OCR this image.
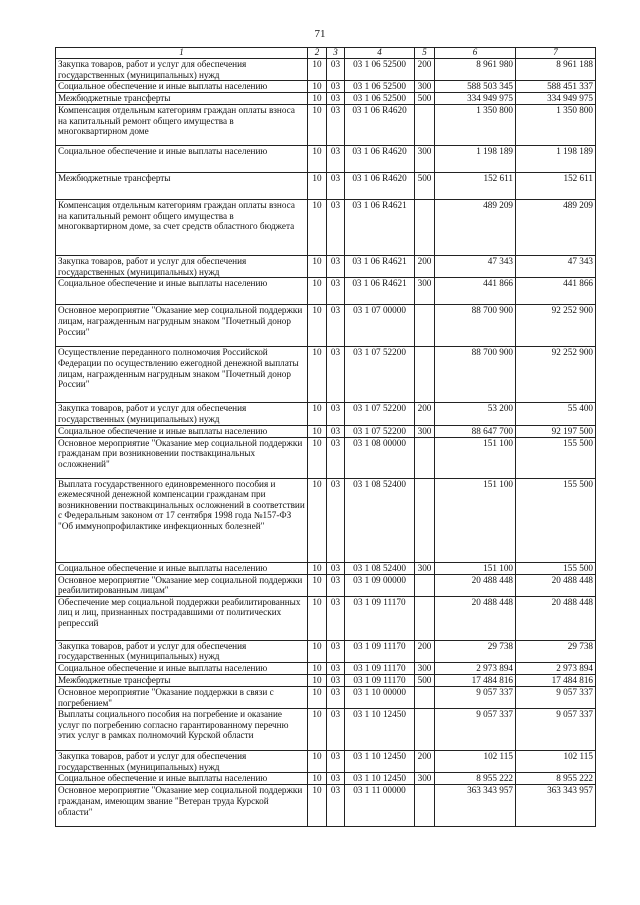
71
1	2	3	4	5	6	7
Закупка товаров, работ и услуг для обеспечения государственных (муниципальных) нужд	10	03	03 1 06 52500	200	8 961 980	8 961 188
Социальное обеспечение и иные выплаты населению	10	03	03 1 06 52500	300	588 503 345	588 451 337
Межбюджетные трансферты	10	03	03 1 06 52500	500	334 949 975	334 949 975
Компенсация отдельным категориям граждан оплаты взноса на капитальный ремонт общего имущества в многоквартирном доме	10	03	03 1 06 R4620		1 350 800	1 350 800
Социальное обеспечение и иные выплаты населению	10	03	03 1 06 R4620	300	1 198 189	1 198 189
Межбюджетные трансферты	10	03	03 1 06 R4620	500	152 611	152 611
Компенсация отдельным категориям граждан оплаты взноса на капитальный ремонт общего имущества в многоквартирном доме, за счет средств областного бюджета	10	03	03 1 06 R4621		489 209	489 209
Закупка товаров, работ и услуг для обеспечения государственных (муниципальных) нужд	10	03	03 1 06 R4621	200	47 343	47 343
Социальное обеспечение и иные выплаты населению	10	03	03 1 06 R4621	300	441 866	441 866
Основное мероприятие "Оказание мер социальной поддержки лицам, награжденным нагрудным знаком "Почетный донор России"	10	03	03 1 07 00000		88 700 900	92 252 900
Осуществление переданного полномочия Российской Федерации по осуществлению ежегодной денежной выплаты лицам, награжденным нагрудным знаком "Почетный донор России"	10	03	03 1 07 52200		88 700 900	92 252 900
Закупка товаров, работ и услуг для обеспечения государственных (муниципальных) нужд	10	03	03 1 07 52200	200	53 200	55 400
Социальное обеспечение и иные выплаты населению	10	03	03 1 07 52200	300	88 647 700	92 197 500
Основное мероприятие "Оказание мер социальной поддержки гражданам при возникновении поствакцинальных осложнений"	10	03	03 1 08 00000		151 100	155 500
Выплата государственного единовременного пособия и ежемесячной денежной компенсации гражданам при возникновении поствакцинальных осложнений в соответствии с Федеральным законом от 17 сентября 1998 года №157-ФЗ "Об иммунопрофилактике инфекционных болезней"	10	03	03 1 08 52400		151 100	155 500
Социальное обеспечение и иные выплаты населению	10	03	03 1 08 52400	300	151 100	155 500
Основное мероприятие "Оказание мер социальной поддержки реабилитированным лицам"	10	03	03 1 09 00000		20 488 448	20 488 448
Обеспечение мер социальной поддержки реабилитированных лиц и лиц, признанных пострадавшими от политических репрессий	10	03	03 1 09 11170		20 488 448	20 488 448
Закупка товаров, работ и услуг для обеспечения государственных (муниципальных) нужд	10	03	03 1 09 11170	200	29 738	29 738
Социальное обеспечение и иные выплаты населению	10	03	03 1 09 11170	300	2 973 894	2 973 894
Межбюджетные трансферты	10	03	03 1 09 11170	500	17 484 816	17 484 816
Основное мероприятие "Оказание поддержки в связи с погребением"	10	03	03 1 10 00000		9 057 337	9 057 337
Выплаты социального пособия на погребение и оказание услуг по погребению согласно гарантированному перечню этих услуг в рамках полномочий Курской области	10	03	03 1 10 12450		9 057 337	9 057 337
Закупка товаров, работ и услуг для обеспечения государственных (муниципальных) нужд	10	03	03 1 10 12450	200	102 115	102 115
Социальное обеспечение и иные выплаты населению	10	03	03 1 10 12450	300	8 955 222	8 955 222
Основное мероприятие "Оказание мер социальной поддержки гражданам, имеющим звание "Ветеран труда Курской области"	10	03	03 1 11 00000		363 343 957	363 343 957
